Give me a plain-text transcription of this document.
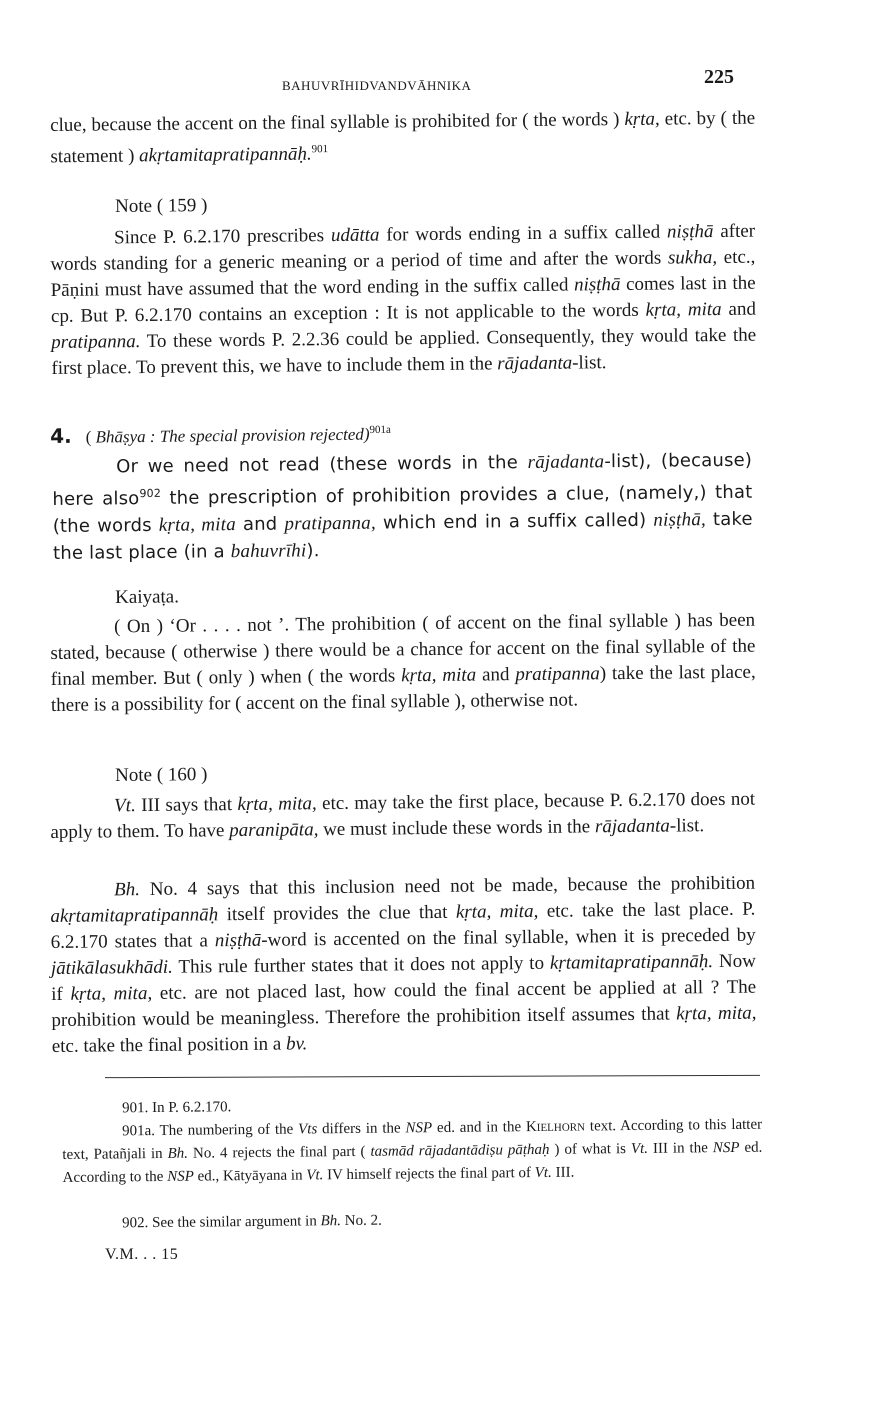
BAHUVRĪHIDVANDVĀHNIKA	225
clue, because the accent on the final syllable is prohibited for ( the words ) kṛta, etc. by ( the statement ) akṛtamitapratipannāḥ.$^{901}$
Note ( 159 )
Since P. 6.2.170 prescribes udātta for words ending in a suffix called niṣṭhā after words standing for a generic meaning or a period of time and after the words sukha, etc., Pāṇini must have assumed that the word ending in the suffix called niṣṭhā comes last in the cp. But P. 6.2.170 contains an exception : It is not applicable to the words kṛta, mita and pratipanna. To these words P. 2.2.36 could be applied. Consequently, they would take the first place. To prevent this, we have to include them in the rājadanta-list.
4. ( Bhāṣya : The special provision rejected)$^{901a}$
Or we need not read (these words in the rājadanta-list), (because) here also$^{902}$ the prescription of prohibition provides a clue, (namely,) that (the words kṛta, mita and pratipanna, which end in a suffix called) niṣṭhā, take the last place (in a bahuvrīhi).
Kaiyaṭa.
( On ) ‘Or . . . . not ’. The prohibition ( of accent on the final syllable ) has been stated, because ( otherwise ) there would be a chance for accent on the final syllable of the final member. But ( only ) when ( the words kṛta, mita and pratipanna) take the last place, there is a possibility for ( accent on the final syllable ), otherwise not.
Note ( 160 )
Vt. III says that kṛta, mita, etc. may take the first place, because P. 6.2.170 does not apply to them. To have paranipāta, we must include these words in the rājadanta-list.
Bh. No. 4 says that this inclusion need not be made, because the prohibition akṛtamitapratipannāḥ itself provides the clue that kṛta, mita, etc. take the last place. P. 6.2.170 states that a niṣṭhā-word is accented on the final syllable, when it is preceded by jātikālasukhādi. This rule further states that it does not apply to kṛtamitapratipannāḥ. Now if kṛta, mita, etc. are not placed last, how could the final accent be applied at all ? The prohibition would be meaningless. Therefore the prohibition itself assumes that kṛta, mita, etc. take the final position in a bv.
901. In P. 6.2.170.
901a. The numbering of the Vts differs in the NSP ed. and in the Kielhorn text. According to this latter text, Patañjali in Bh. No. 4 rejects the final part ( tasmād rājadantādiṣu pāṭhaḥ ) of what is Vt. III in the NSP ed. According to the NSP ed., Kātyāyana in Vt. IV himself rejects the final part of Vt. III.
902. See the similar argument in Bh. No. 2.
V.M. . . 15
